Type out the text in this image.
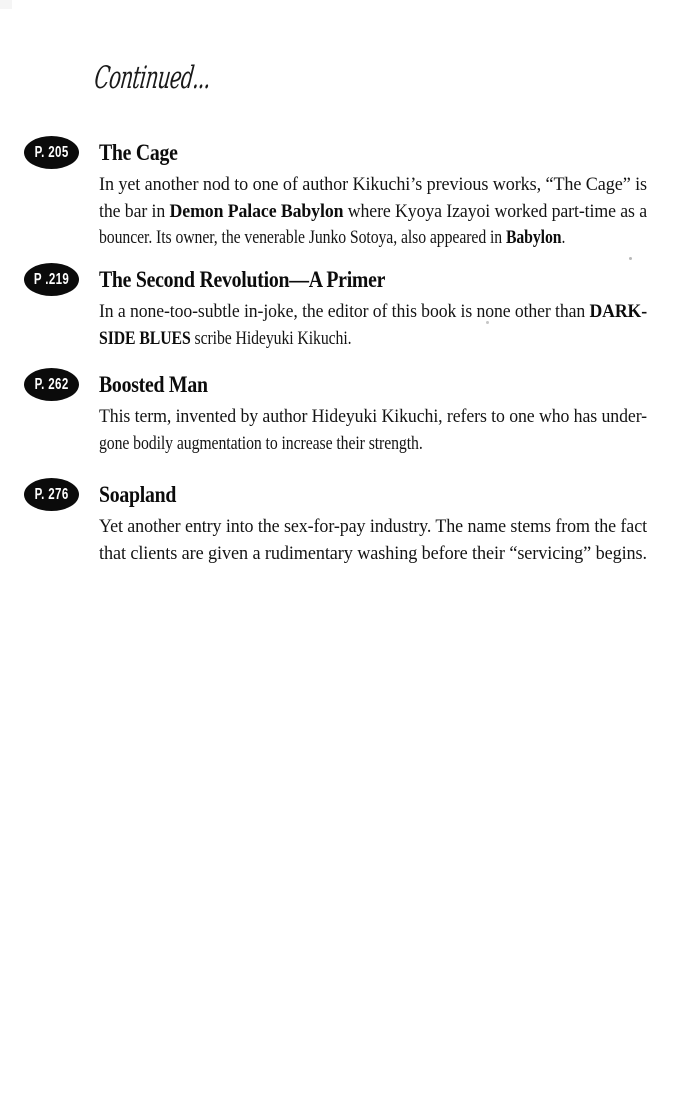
Continued...
P. 205 The Cage
In yet another nod to one of author Kikuchi’s previous works, “The Cage” is
the bar in Demon Palace Babylon where Kyoya Izayoi worked part-time as a
bouncer. Its owner, the venerable Junko Sotoya, also appeared in Babylon.
P .219 The Second Revolution—A Primer
In a none-too-subtle in-joke, the editor of this book is none other than DARK-
SIDE BLUES scribe Hideyuki Kikuchi.
P. 262 Boosted Man
This term, invented by author Hideyuki Kikuchi, refers to one who has under-
gone bodily augmentation to increase their strength.
P. 276 Soapland
Yet another entry into the sex-for-pay industry. The name stems from the fact
that clients are given a rudimentary washing before their “servicing” begins.
